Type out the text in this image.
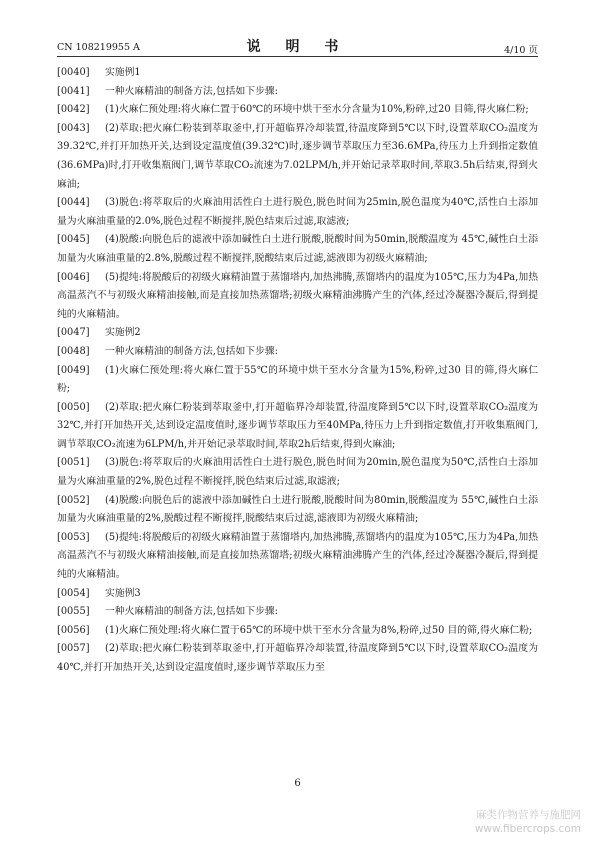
CN 108219955 A	说 明 书	4/10 页
[0040] 实施例1
[0041] 一种火麻精油的制备方法,包括如下步骤:
[0042] (1)火麻仁预处理:将火麻仁置于60℃的环境中烘干至水分含量为10%,粉碎,过20 目筛,得火麻仁粉;
[0043] (2)萃取:把火麻仁粉装到萃取釜中,打开超临界冷却装置,待温度降到5℃以下时,设置萃取CO₂温度为39.32℃,并打开加热开关,达到设定温度值(39.32℃)时,逐步调节萃取压力至36.6MPa,待压力上升到指定数值(36.6MPa)时,打开收集瓶阀门,调节萃取CO₂流速为7.02LPM/h,并开始记录萃取时间,萃取3.5h后结束,得到火麻油;
[0044] (3)脱色:将萃取后的火麻油用活性白土进行脱色,脱色时间为25min,脱色温度为40℃,活性白土添加量为火麻油重量的2.0%,脱色过程不断搅拌,脱色结束后过滤,取滤液;
[0045] (4)脱酸:向脱色后的滤液中添加碱性白土进行脱酸,脱酸时间为50min,脱酸温度为 45℃,碱性白土添加量为火麻油重量的2.8%,脱酸过程不断搅拌,脱酸结束后过滤,滤液即为初级火麻精油;
[0046] (5)提纯:将脱酸后的初级火麻精油置于蒸馏塔内,加热沸腾,蒸馏塔内的温度为105℃,压力为4Pa,加热高温蒸汽不与初级火麻精油接触,而是直接加热蒸馏塔;初级火麻精油沸腾产生的汽体,经过冷凝器冷凝后,得到提纯的火麻精油。
[0047] 实施例2
[0048] 一种火麻精油的制备方法,包括如下步骤:
[0049] (1)火麻仁预处理:将火麻仁置于55℃的环境中烘干至水分含量为15%,粉碎,过30 目的筛,得火麻仁粉;
[0050] (2)萃取:把火麻仁粉装到萃取釜中,打开超临界冷却装置,待温度降到5℃以下时,设置萃取CO₂温度为32℃,并打开加热开关,达到设定温度值时,逐步调节萃取压力至40MPa,待压力上升到指定数值,打开收集瓶阀门,调节萃取CO₂流速为6LPM/h,并开始记录萃取时间,萃取2h后结束,得到火麻油;
[0051] (3)脱色:将萃取后的火麻油用活性白土进行脱色,脱色时间为20min,脱色温度为50℃,活性白土添加量为火麻油重量的2%,脱色过程不断搅拌,脱色结束后过滤,取滤液;
[0052] (4)脱酸:向脱色后的滤液中添加碱性白土进行脱酸,脱酸时间为80min,脱酸温度为 55℃,碱性白土添加量为火麻油重量的2%,脱酸过程不断搅拌,脱酸结束后过滤,滤液即为初级火麻精油;
[0053] (5)提纯:将脱酸后的初级火麻精油置于蒸馏塔内,加热沸腾,蒸馏塔内的温度为105℃,压力为4Pa,加热高温蒸汽不与初级火麻精油接触,而是直接加热蒸馏塔;初级火麻精油沸腾产生的汽体,经过冷凝器冷凝后,得到提纯的火麻精油。
[0054] 实施例3
[0055] 一种火麻精油的制备方法,包括如下步骤:
[0056] (1)火麻仁预处理:将火麻仁置于65℃的环境中烘干至水分含量为8%,粉碎,过50 目的筛,得火麻仁粉;
[0057] (2)萃取:把火麻仁粉装到萃取釜中,打开超临界冷却装置,待温度降到5℃以下时,设置萃取CO₂温度为40℃,并打开加热开关,达到设定温度值时,逐步调节萃取压力至
6
麻类作物营养与施肥网
www.fibercrops.com
